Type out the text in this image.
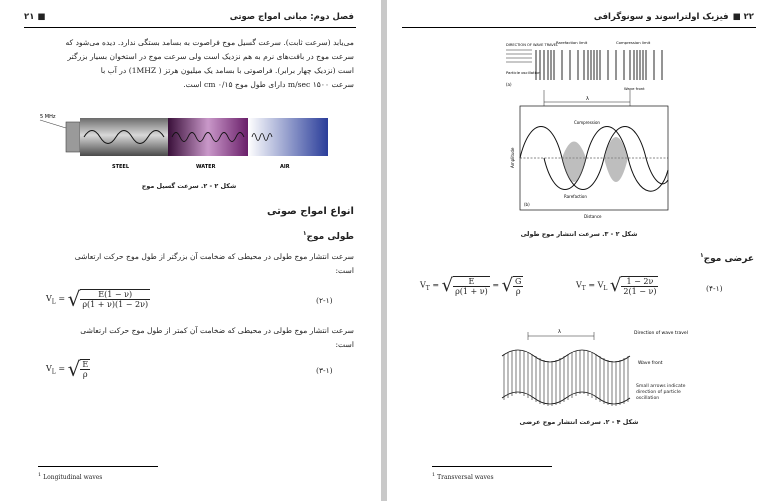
فصل دوم: مبانی امواج صوتی
■ ۲۱
می‌یابد (سرعت ثابت). سرعت گسیل موج فراصوت به بسامد بستگی ندارد. دیده می‌شود که
سرعت موج در بافت‌های نرم به هم نزدیک است ولی سرعت موج در استخوان بسیار بزرگتر
است (نزدیک چهار برابر). فراصوتی با بسامد یک میلیون هرتز ( 1MHZ) در آب با
سرعت m/sec ۱۵۰۰ دارای طول موج cm ۰/۱۵ است.
5 MHz
STEEL	WATER	AIR
شکل ۲ - ۲. سرعت گسیل موج
انواع امواج صوتی
طولی موج$^۱$
سرعت انتشار موج طولی در محیطی که ضخامت آن بزرگتر از طول موج حرکت ارتعاشی
است:
$V_L$ = √ $\frac{E(1 - \nu)}{\rho(1 + \nu)(1 - 2\nu)}$	(۲-۱)
سرعت انتشار موج طولی در محیطی که ضخامت آن کمتر از طول موج حرکت ارتعاشی
است:
$V_L$ = √ $\frac{E}{\rho}$	(۳-۱)
$^1$ Longitudinal waves
۲۲ ■
فیزیک اولتراسوند و سونوگرافی
DIRECTION OF WAVE TRAVEL
Rarefaction limit	Compression limit
Particle oscillation
(a)
Wave front
λ
Compression
Rarefaction
Amplitude
(b)
Distance
شکل ۲ - ۳. سرعت انتشار موج طولی
عرضی موج$^۱$
$V_T$ = √ $\frac{E}{\rho(1 + \nu)}$ = √ $\frac{G}{\rho}$	$V_T = V_L$ √ $\frac{1 - 2\nu}{2(1 - \nu)}$	(۴-۱)
λ	Direction of wave travel
Wave front
Small arrows indicate direction of particle oscillation
شکل ۴ - ۲. سرعت انتشار موج عرضی
$^1$ Transversal waves
